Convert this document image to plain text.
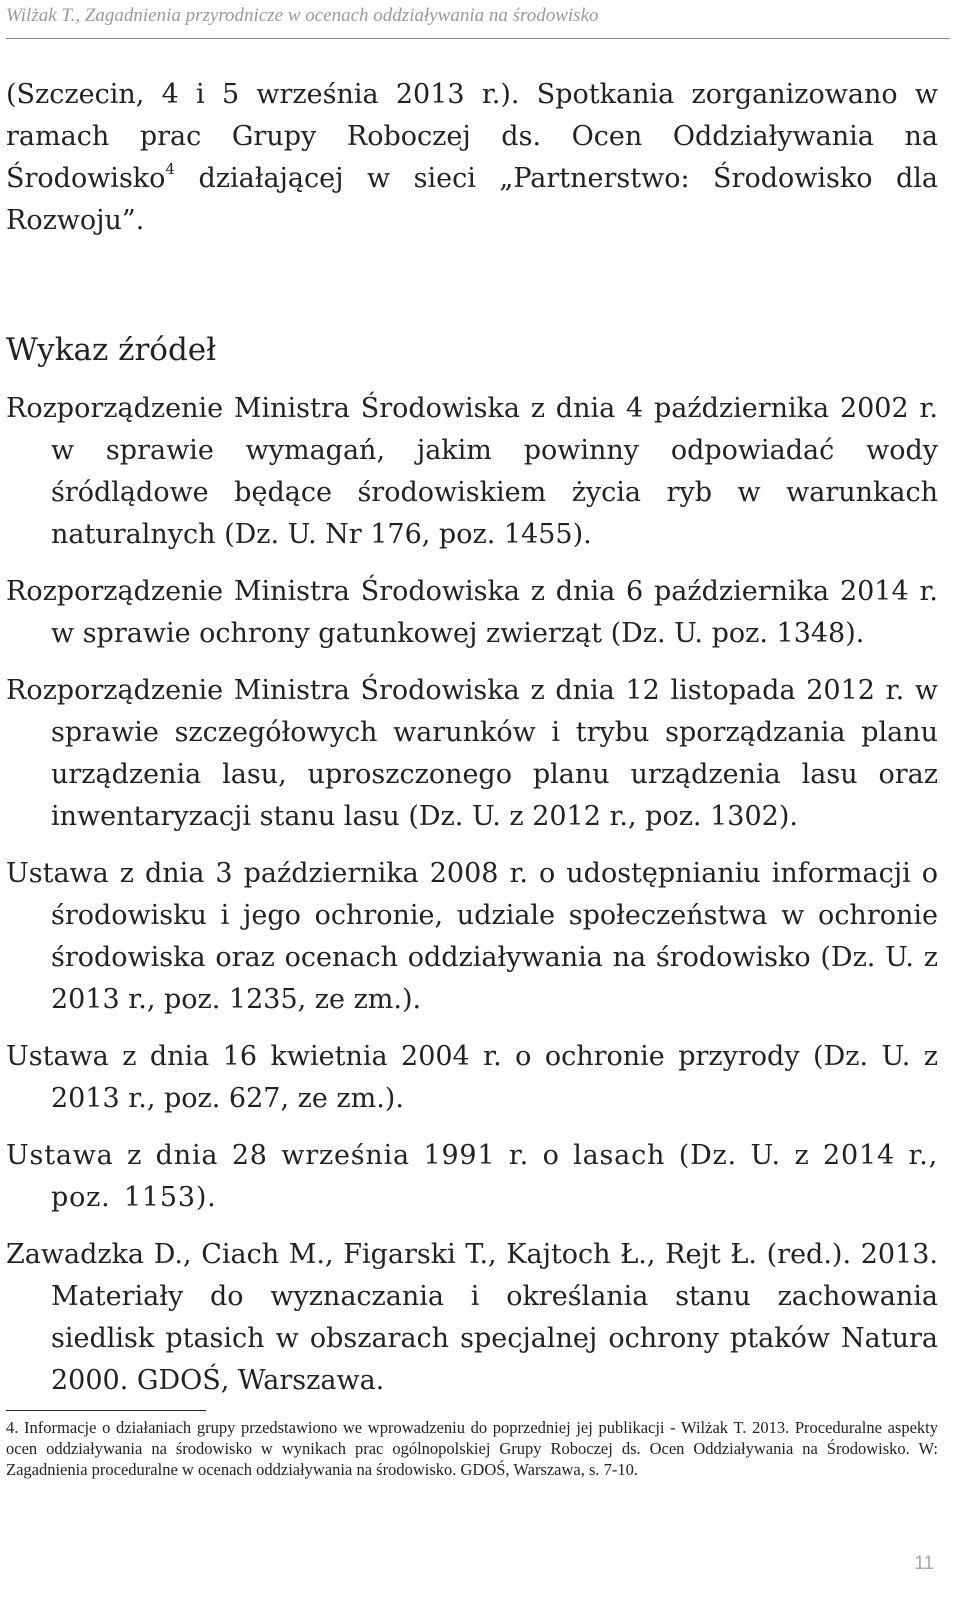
Wilżak T., Zagadnienia przyrodnicze w ocenach oddziaływania na środowisko

(Szczecin, 4 i 5 września 2013 r.). Spotkania zorganizowano w ramach prac Grupy Roboczej ds. Ocen Oddziaływania na Środowisko$^4$ działającej w sieci „Partnerstwo: Środowisko dla Rozwoju”.

Wykaz źródeł

Rozporządzenie Ministra Środowiska z dnia 4 października 2002 r. w sprawie wymagań, jakim powinny odpowiadać wody śródlądowe będące środowiskiem życia ryb w warunkach naturalnych (Dz. U. Nr 176, poz. 1455).

Rozporządzenie Ministra Środowiska z dnia 6 października 2014 r. w sprawie ochrony gatunkowej zwierząt (Dz. U. poz. 1348).

Rozporządzenie Ministra Środowiska z dnia 12 listopada 2012 r. w sprawie szczegółowych warunków i trybu sporządzania planu urządzenia lasu, uproszczonego planu urządzenia lasu oraz inwentaryzacji stanu lasu (Dz. U. z 2012 r., poz. 1302).

Ustawa z dnia 3 października 2008 r. o udostępnianiu informacji o środowisku i jego ochronie, udziale społeczeństwa w ochronie środowiska oraz ocenach oddziaływania na środowisko (Dz. U. z 2013 r., poz. 1235, ze zm.).

Ustawa z dnia 16 kwietnia 2004 r. o ochronie przyrody (Dz. U. z 2013 r., poz. 627, ze zm.).

Ustawa z dnia 28 września 1991 r. o lasach (Dz. U. z 2014 r., poz. 1153).

Zawadzka D., Ciach M., Figarski T., Kajtoch Ł., Rejt Ł. (red.). 2013. Materiały do wyznaczania i określania stanu zachowania siedlisk ptasich w obszarach specjalnej ochrony ptaków Natura 2000. GDOŚ, Warszawa.

4. Informacje o działaniach grupy przedstawiono we wprowadzeniu do poprzedniej jej publikacji - Wilżak T. 2013. Proceduralne aspekty ocen oddziaływania na środowisko w wynikach prac ogólnopolskiej Grupy Roboczej ds. Ocen Oddziaływania na Środowisko. W: Zagadnienia proceduralne w ocenach oddziaływania na środowisko. GDOŚ, Warszawa, s. 7-10.

11
